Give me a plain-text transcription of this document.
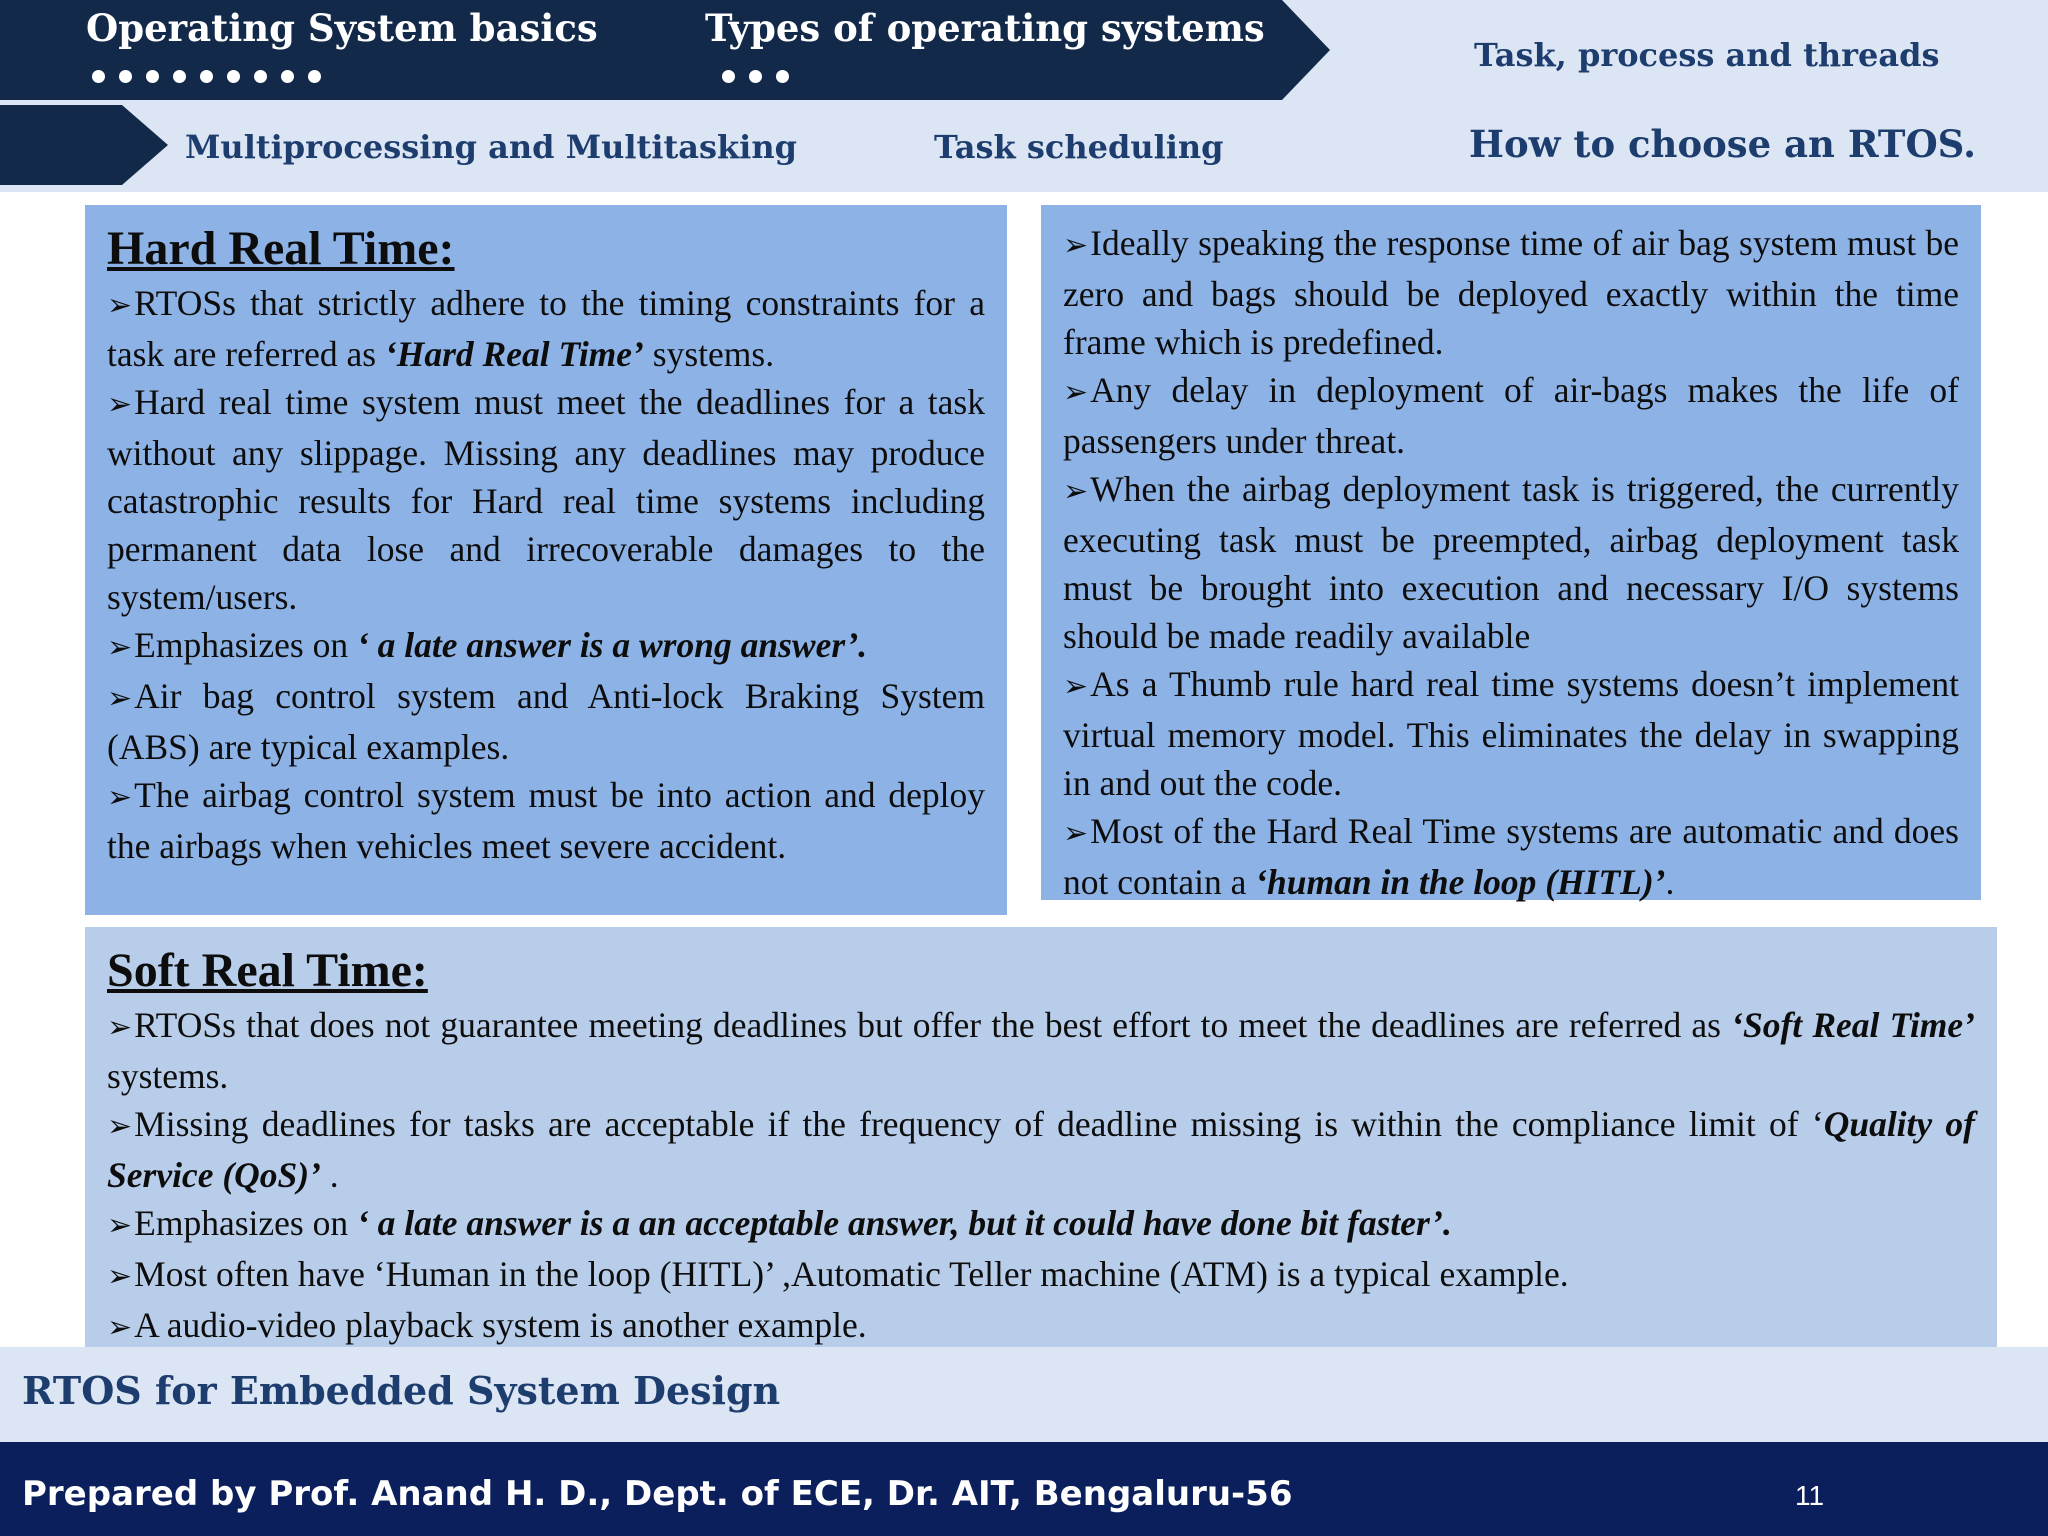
Operating System basics	Types of operating systems
Task, process and threads
Multiprocessing and Multitasking	Task scheduling	How to choose an RTOS.

Hard Real Time:

➢RTOSs that strictly adhere to the timing constraints for a task are referred as ‘Hard Real Time’ systems.

➢Hard real time system must meet the deadlines for a task without any slippage. Missing any deadlines may produce catastrophic results for Hard real time systems including permanent data lose and irrecoverable damages to the system/users.

➢Emphasizes on ‘ a late answer is a wrong answer’.

➢Air bag control system and Anti-lock Braking System (ABS) are typical examples.

➢The airbag control system must be into action and deploy the airbags when vehicles meet severe accident.

➢Ideally speaking the response time of air bag system must be zero and bags should be deployed exactly within the time frame which is predefined.

➢Any delay in deployment of air-bags makes the life of passengers under threat.

➢When the airbag deployment task is triggered, the currently executing task must be preempted, airbag deployment task must be brought into execution and necessary I/O systems should be made readily available

➢As a Thumb rule hard real time systems doesn’t implement virtual memory model. This eliminates the delay in swapping in and out the code.

➢Most of the Hard Real Time systems are automatic and does not contain a ‘human in the loop (HITL)’.

Soft Real Time:

➢RTOSs that does not guarantee meeting deadlines but offer the best effort to meet the deadlines are referred as ‘Soft Real Time’ systems.

➢Missing deadlines for tasks are acceptable if the frequency of deadline missing is within the compliance limit of ‘Quality of Service (QoS)’ .

➢Emphasizes on ‘ a late answer is a an acceptable answer, but it could have done bit faster’.

➢Most often have ‘Human in the loop (HITL)’ ,Automatic Teller machine (ATM) is a typical example.

➢A audio-video playback system is another example.

RTOS for Embedded System Design
Prepared by Prof. Anand H. D., Dept. of ECE, Dr. AIT, Bengaluru-56	11
